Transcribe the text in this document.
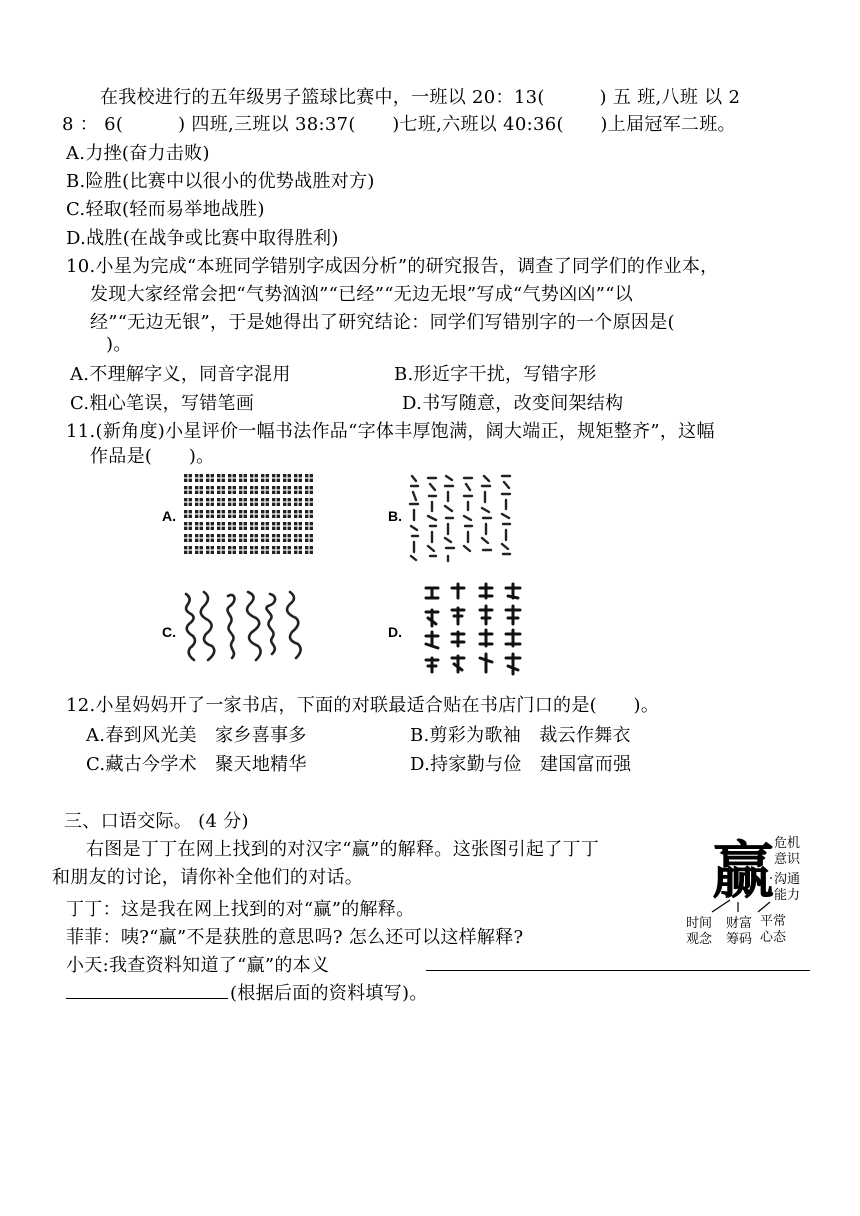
在我校进行的五年级男子篮球比赛中，一班以 20：13(　　　) 五 班,八班 以 2
8 ： 6(　　　) 四班,三班以 38:37(　　)七班,六班以 40:36(　　)上届冠军二班。
A.力挫(奋力击败)
B.险胜(比赛中以很小的优势战胜对方)
C.轻取(轻而易举地战胜)
D.战胜(在战争或比赛中取得胜利)
10.小星为完成“本班同学错别字成因分析”的研究报告，调查了同学们的作业本，
发现大家经常会把“气势汹汹”“已经”“无边无垠”写成“气势凶凶”“以
经”“无边无银”，于是她得出了研究结论：同学们写错别字的一个原因是(
)。
A.不理解字义，同音字混用	B.形近字干扰，写错字形
C.粗心笔误，写错笔画	D.书写随意，改变间架结构
11.(新角度)小星评价一幅书法作品“字体丰厚饱满，阔大端正，规矩整齐”，这幅
作品是(　　)。
A.	B.
C.	D.
12.小星妈妈开了一家书店，下面的对联最适合贴在书店门口的是(　　)。
A.春到风光美　家乡喜事多	B.剪彩为歌袖　裁云作舞衣
C.藏古今学术　聚天地精华	D.持家勤与俭　建国富而强
三、口语交际。 (4 分)
右图是丁丁在网上找到的对汉字“赢”的解释。这张图引起了丁丁
和朋友的讨论，请你补全他们的对话。
丁丁：这是我在网上找到的对“赢”的解释。
菲菲：咦?“赢”不是获胜的意思吗? 怎么还可以这样解释?
小天:我查资料知道了“赢”的本义
(根据后面的资料填写)。
赢 危机
意识
沟通
能力
时间
观念
财富
筹码
平常
心态
